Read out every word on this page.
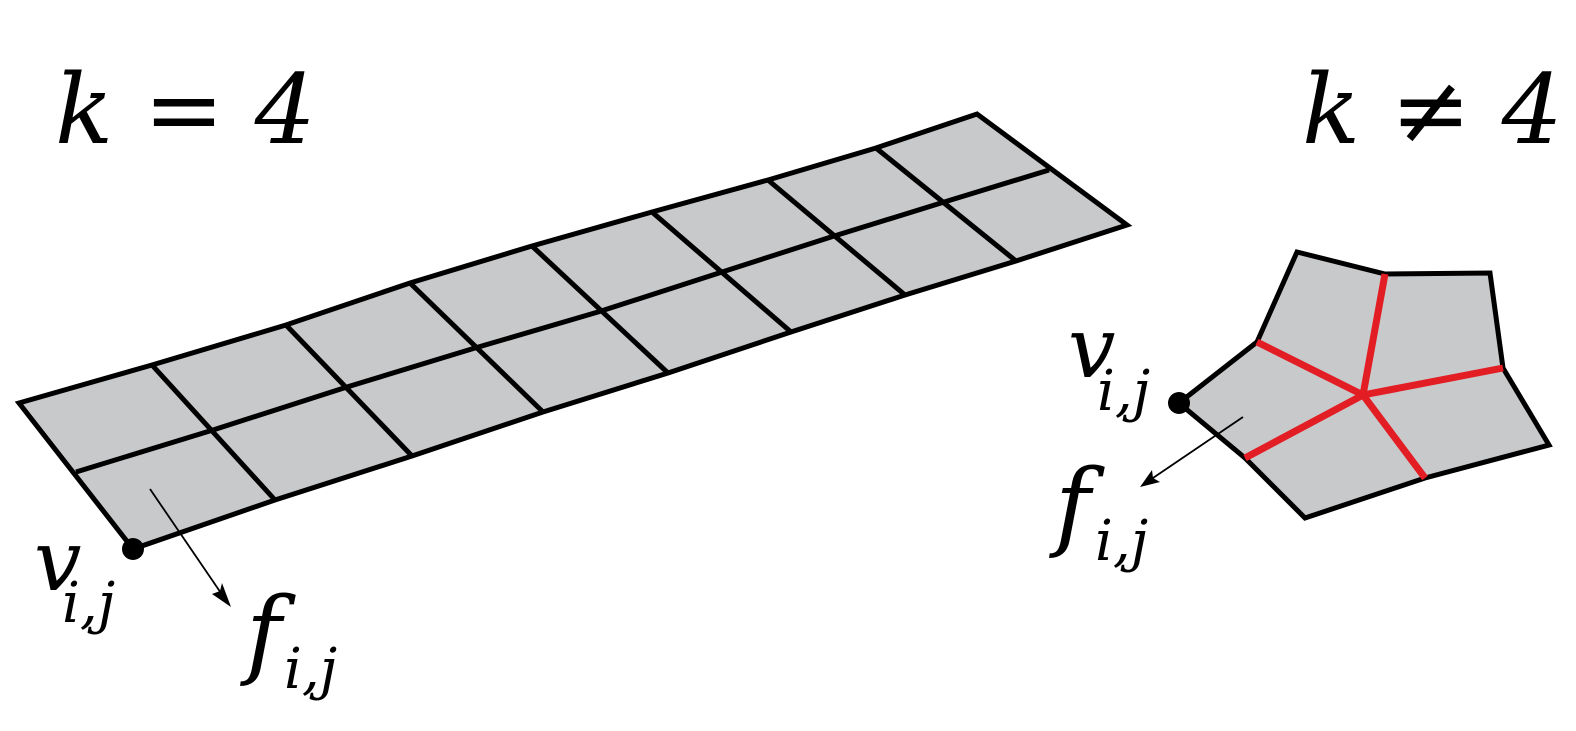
k = 4	k ≠ 4
v
i,j f i,j
v
i,j
f i,j
